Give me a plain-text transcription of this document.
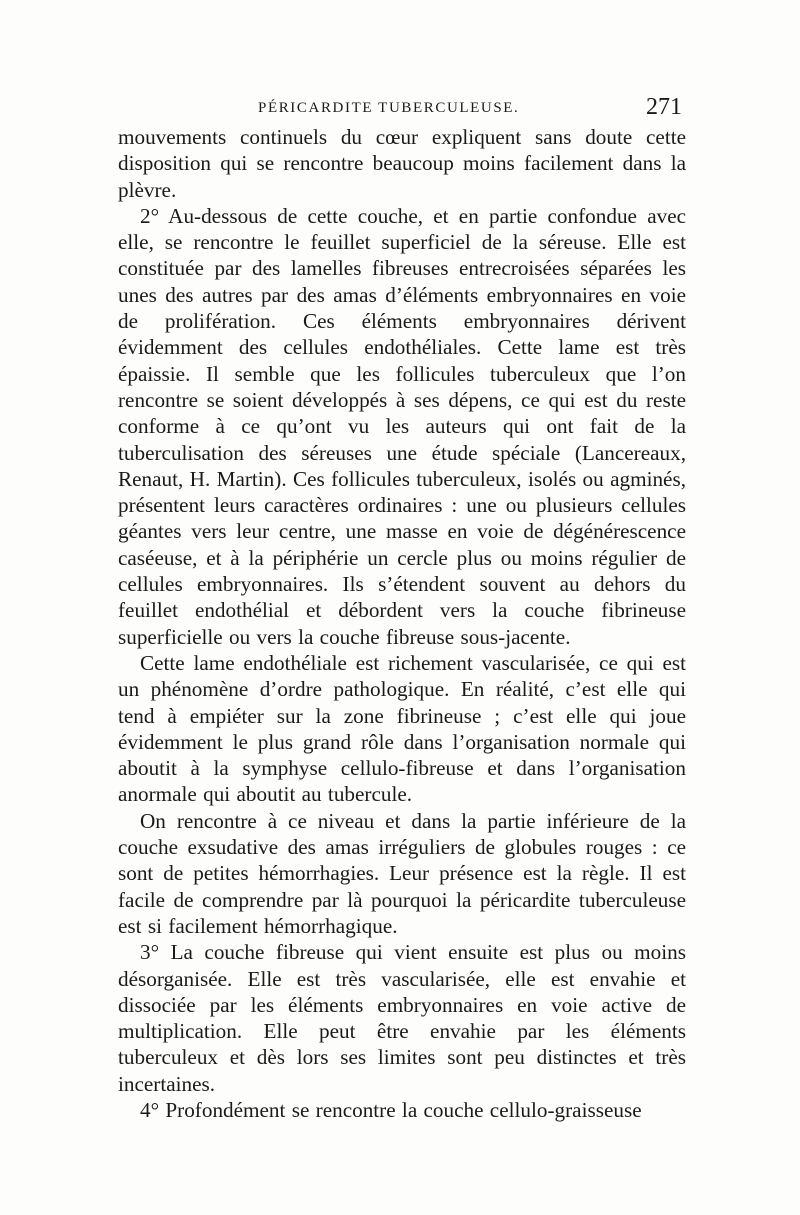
PÉRICARDITE TUBERCULEUSE.	271

mouvements continuels du cœur expliquent sans doute cette disposition qui se rencontre beaucoup moins facilement dans la plèvre.

2° Au-dessous de cette couche, et en partie confondue avec elle, se rencontre le feuillet superficiel de la séreuse. Elle est constituée par des lamelles fibreuses entrecroisées séparées les unes des autres par des amas d’éléments embryonnaires en voie de prolifération. Ces éléments embryonnaires dérivent évidemment des cellules endothéliales. Cette lame est très épaissie. Il semble que les follicules tuberculeux que l’on rencontre se soient développés à ses dépens, ce qui est du reste conforme à ce qu’ont vu les auteurs qui ont fait de la tuberculisation des séreuses une étude spéciale (Lancereaux, Renaut, H. Martin). Ces follicules tuberculeux, isolés ou agminés, présentent leurs caractères ordinaires : une ou plusieurs cellules géantes vers leur centre, une masse en voie de dégénérescence caséeuse, et à la périphérie un cercle plus ou moins régulier de cellules embryonnaires. Ils s’étendent souvent au dehors du feuillet endothélial et débordent vers la couche fibrineuse superficielle ou vers la couche fibreuse sous-jacente.

Cette lame endothéliale est richement vascularisée, ce qui est un phénomène d’ordre pathologique. En réalité, c’est elle qui tend à empiéter sur la zone fibrineuse ; c’est elle qui joue évidemment le plus grand rôle dans l’organisation normale qui aboutit à la symphyse cellulo-fibreuse et dans l’organisation anormale qui aboutit au tubercule.

On rencontre à ce niveau et dans la partie inférieure de la couche exsudative des amas irréguliers de globules rouges : ce sont de petites hémorrhagies. Leur présence est la règle. Il est facile de comprendre par là pourquoi la péricardite tuberculeuse est si facilement hémorrhagique.

3° La couche fibreuse qui vient ensuite est plus ou moins désorganisée. Elle est très vascularisée, elle est envahie et dissociée par les éléments embryonnaires en voie active de multiplication. Elle peut être envahie par les éléments tuberculeux et dès lors ses limites sont peu distinctes et très incertaines.

4° Profondément se rencontre la couche cellulo-graisseuse
